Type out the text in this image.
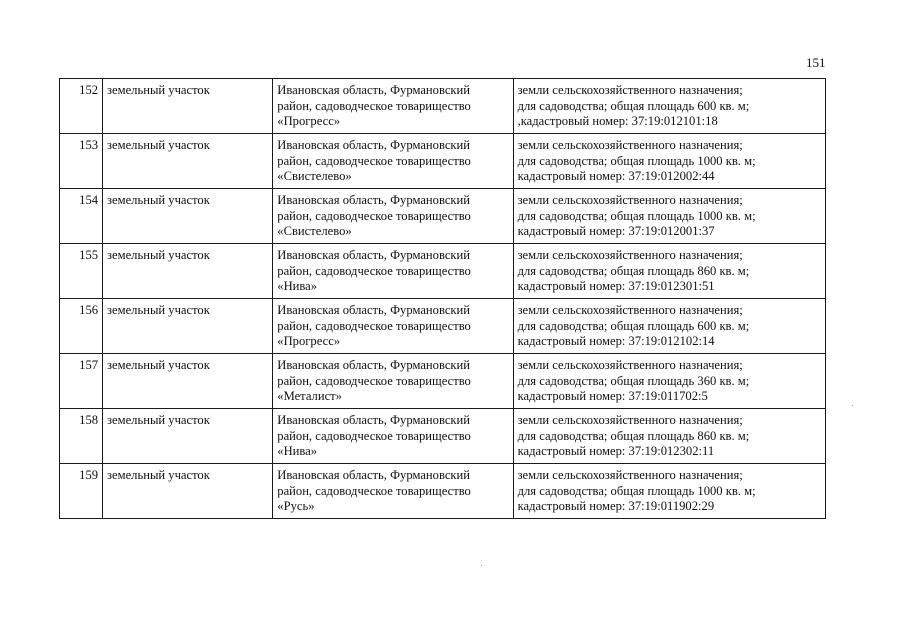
151
152	земельный участок	Ивановская область, Фурмановский
район, садоводческое товарищество
«Прогресс»	земли сельскохозяйственного назначения;
для садоводства; общая площадь 600 кв. м;
,кадастровый номер: 37:19:012101:18

153	земельный участок	Ивановская область, Фурмановский
район, садоводческое товарищество
«Свистелево»	земли сельскохозяйственного назначения;
для садоводства; общая площадь 1000 кв. м;
кадастровый номер: 37:19:012002:44

154	земельный участок	Ивановская область, Фурмановский
район, садоводческое товарищество
«Свистелево»	земли сельскохозяйственного назначения;
для садоводства; общая площадь 1000 кв. м;
кадастровый номер: 37:19:012001:37

155	земельный участок	Ивановская область, Фурмановский
район, садоводческое товарищество
«Нива»	земли сельскохозяйственного назначения;
для садоводства; общая площадь 860 кв. м;
кадастровый номер: 37:19:012301:51

156	земельный участок	Ивановская область, Фурмановский
район, садоводческое товарищество
«Прогресс»	земли сельскохозяйственного назначения;
для садоводства; общая площадь 600 кв. м;
кадастровый номер: 37:19:012102:14

157	земельный участок	Ивановская область, Фурмановский
район, садоводческое товарищество
«Металист»	земли сельскохозяйственного назначения;
для садоводства; общая площадь 360 кв. м;
кадастровый номер: 37:19:011702:5

158	земельный участок	Ивановская область, Фурмановский
район, садоводческое товарищество
«Нива»	земли сельскохозяйственного назначения;
для садоводства; общая площадь 860 кв. м;
кадастровый номер: 37:19:012302:11

159	земельный участок	Ивановская область, Фурмановский
район, садоводческое товарищество
«Русь»	земли сельскохозяйственного назначения;
для садоводства; общая площадь 1000 кв. м;
кадастровый номер: 37:19:011902:29
